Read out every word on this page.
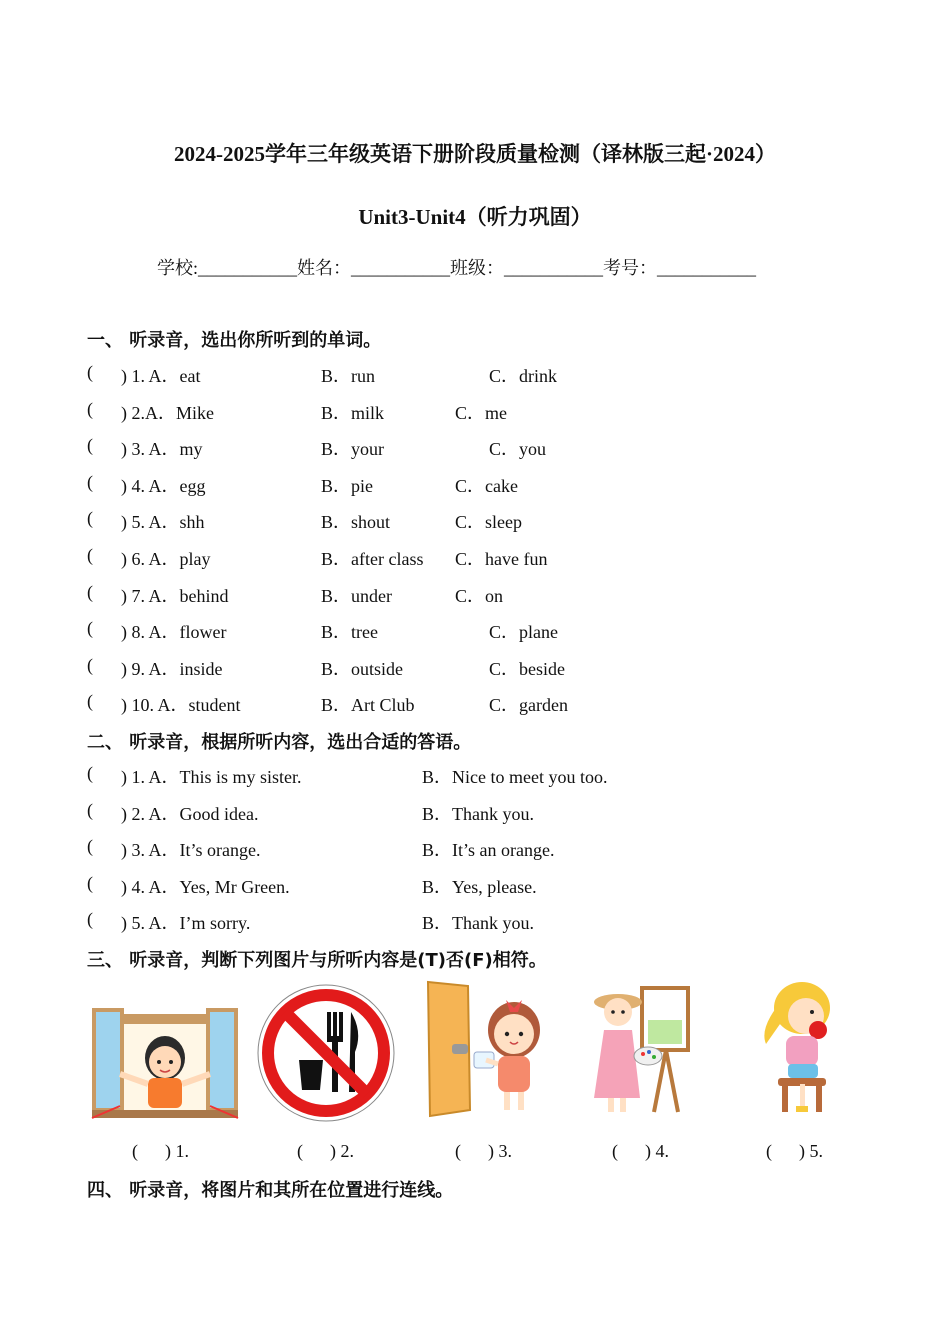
2024-2025学年三年级英语下册阶段质量检测（译林版三起·2024）
Unit3-Unit4（听力巩固）
学校:___________姓名：___________班级：___________考号：___________
一、 听录音，选出你所听到的单词。
( ) 1. A．eat	B．run	C．drink
( ) 2.A．Mike	B．milk	C．me
( ) 3. A．my	B．your	C．you
( ) 4. A．egg	B．pie	C．cake
( ) 5. A．shh	B．shout	C．sleep
( ) 6. A．play	B．after class C．have fun
( ) 7. A．behind	B．under	C．on
( ) 8. A．flower	B．tree	C．plane
( ) 9. A．inside	B．outside	C．beside
( ) 10. A．student	B．Art Club	C．garden
二、 听录音，根据所听内容，选出合适的答语。
( ) 1. A．This is my sister.	B．Nice to meet you too.
( ) 2. A．Good idea.	B．Thank you.
( ) 3. A．It’s orange.	B．It’s an orange.
( ) 4. A．Yes, Mr Green.	B．Yes, please.
( ) 5. A．I’m sorry.	B．Thank you.
三、 听录音，判断下列图片与所听内容是(T)否(F)相符。
(      ) 1.	(      ) 2.	(      ) 3.	(      ) 4.	(      ) 5.
四、 听录音，将图片和其所在位置进行连线。
